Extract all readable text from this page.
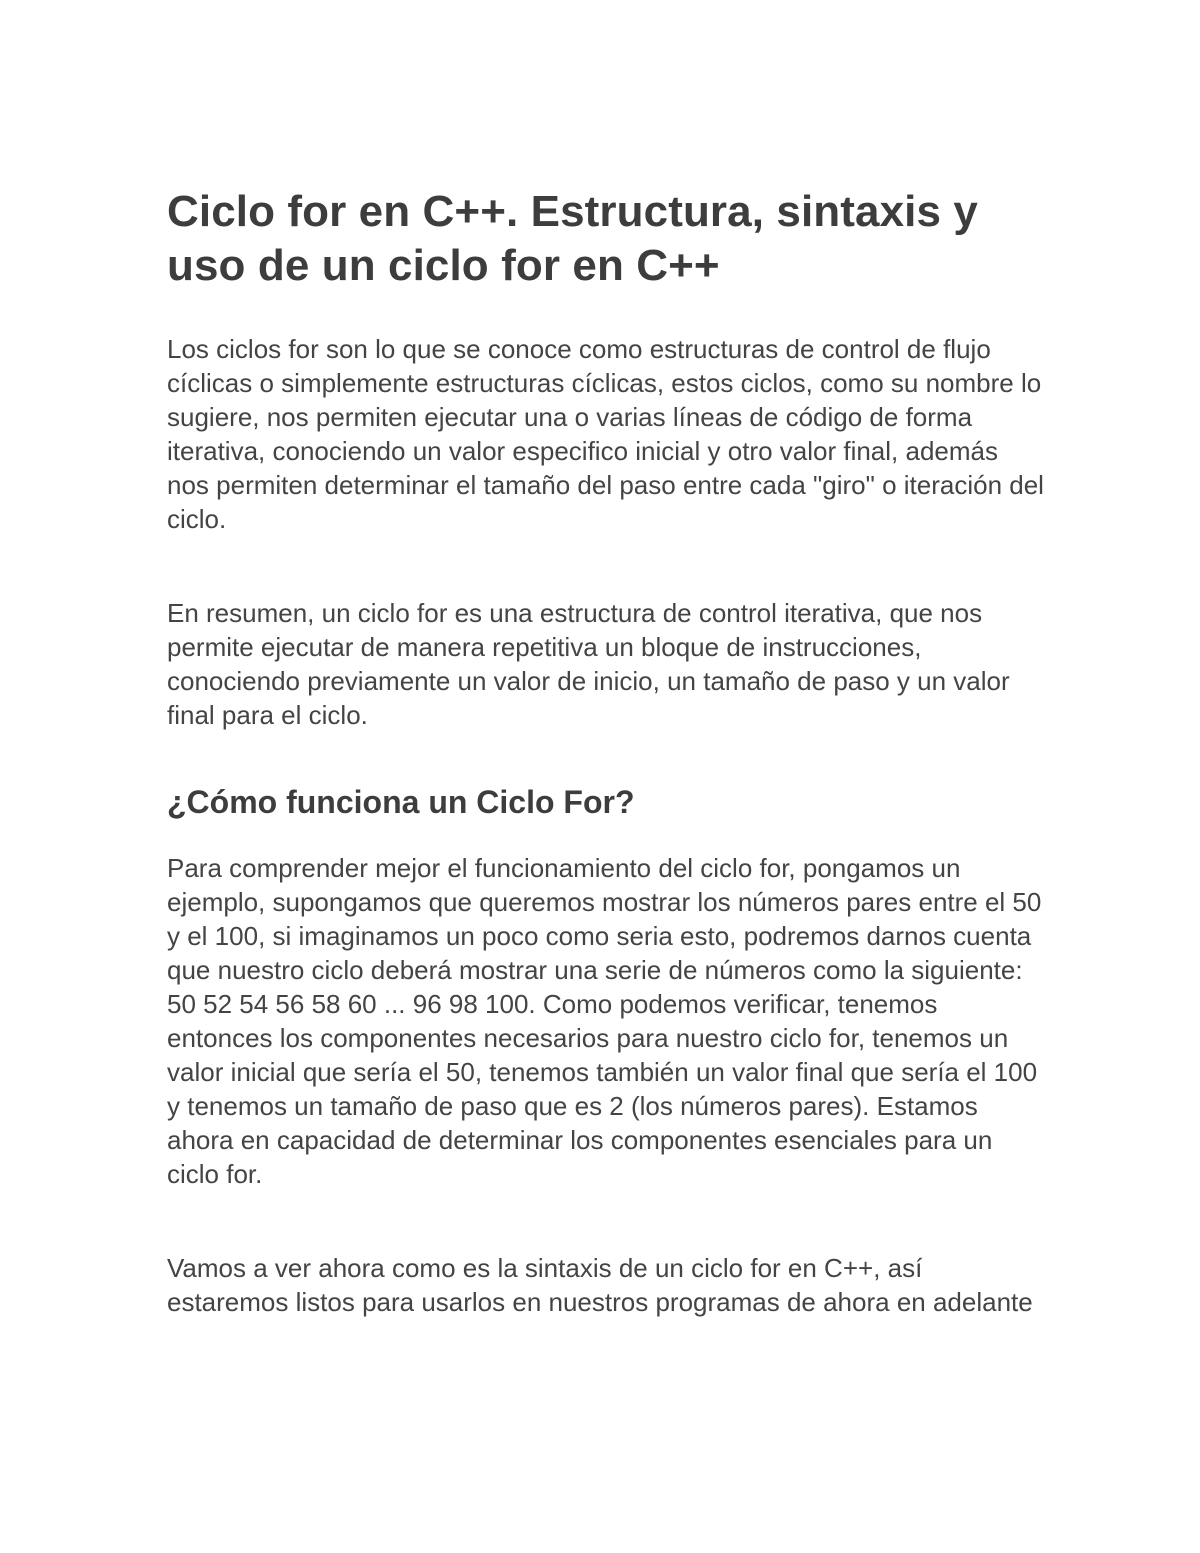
Ciclo for en C++. Estructura, sintaxis y uso de un ciclo for en C++

Los ciclos for son lo que se conoce como estructuras de control de flujo cíclicas o simplemente estructuras cíclicas, estos ciclos, como su nombre lo sugiere, nos permiten ejecutar una o varias líneas de código de forma iterativa, conociendo un valor especifico inicial y otro valor final, además nos permiten determinar el tamaño del paso entre cada "giro" o iteración del ciclo.

En resumen, un ciclo for es una estructura de control iterativa, que nos permite ejecutar de manera repetitiva un bloque de instrucciones, conociendo previamente un valor de inicio, un tamaño de paso y un valor final para el ciclo.

¿Cómo funciona un Ciclo For?

Para comprender mejor el funcionamiento del ciclo for, pongamos un ejemplo, supongamos que queremos mostrar los números pares entre el 50 y el 100, si imaginamos un poco como seria esto, podremos darnos cuenta que nuestro ciclo deberá mostrar una serie de números como la siguiente: 50 52 54 56 58 60 ... 96 98 100. Como podemos verificar, tenemos entonces los componentes necesarios para nuestro ciclo for, tenemos un valor inicial que sería el 50, tenemos también un valor final que sería el 100 y tenemos un tamaño de paso que es 2 (los números pares). Estamos ahora en capacidad de determinar los componentes esenciales para un ciclo for.

Vamos a ver ahora como es la sintaxis de un ciclo for en C++, así estaremos listos para usarlos en nuestros programas de ahora en adelante
